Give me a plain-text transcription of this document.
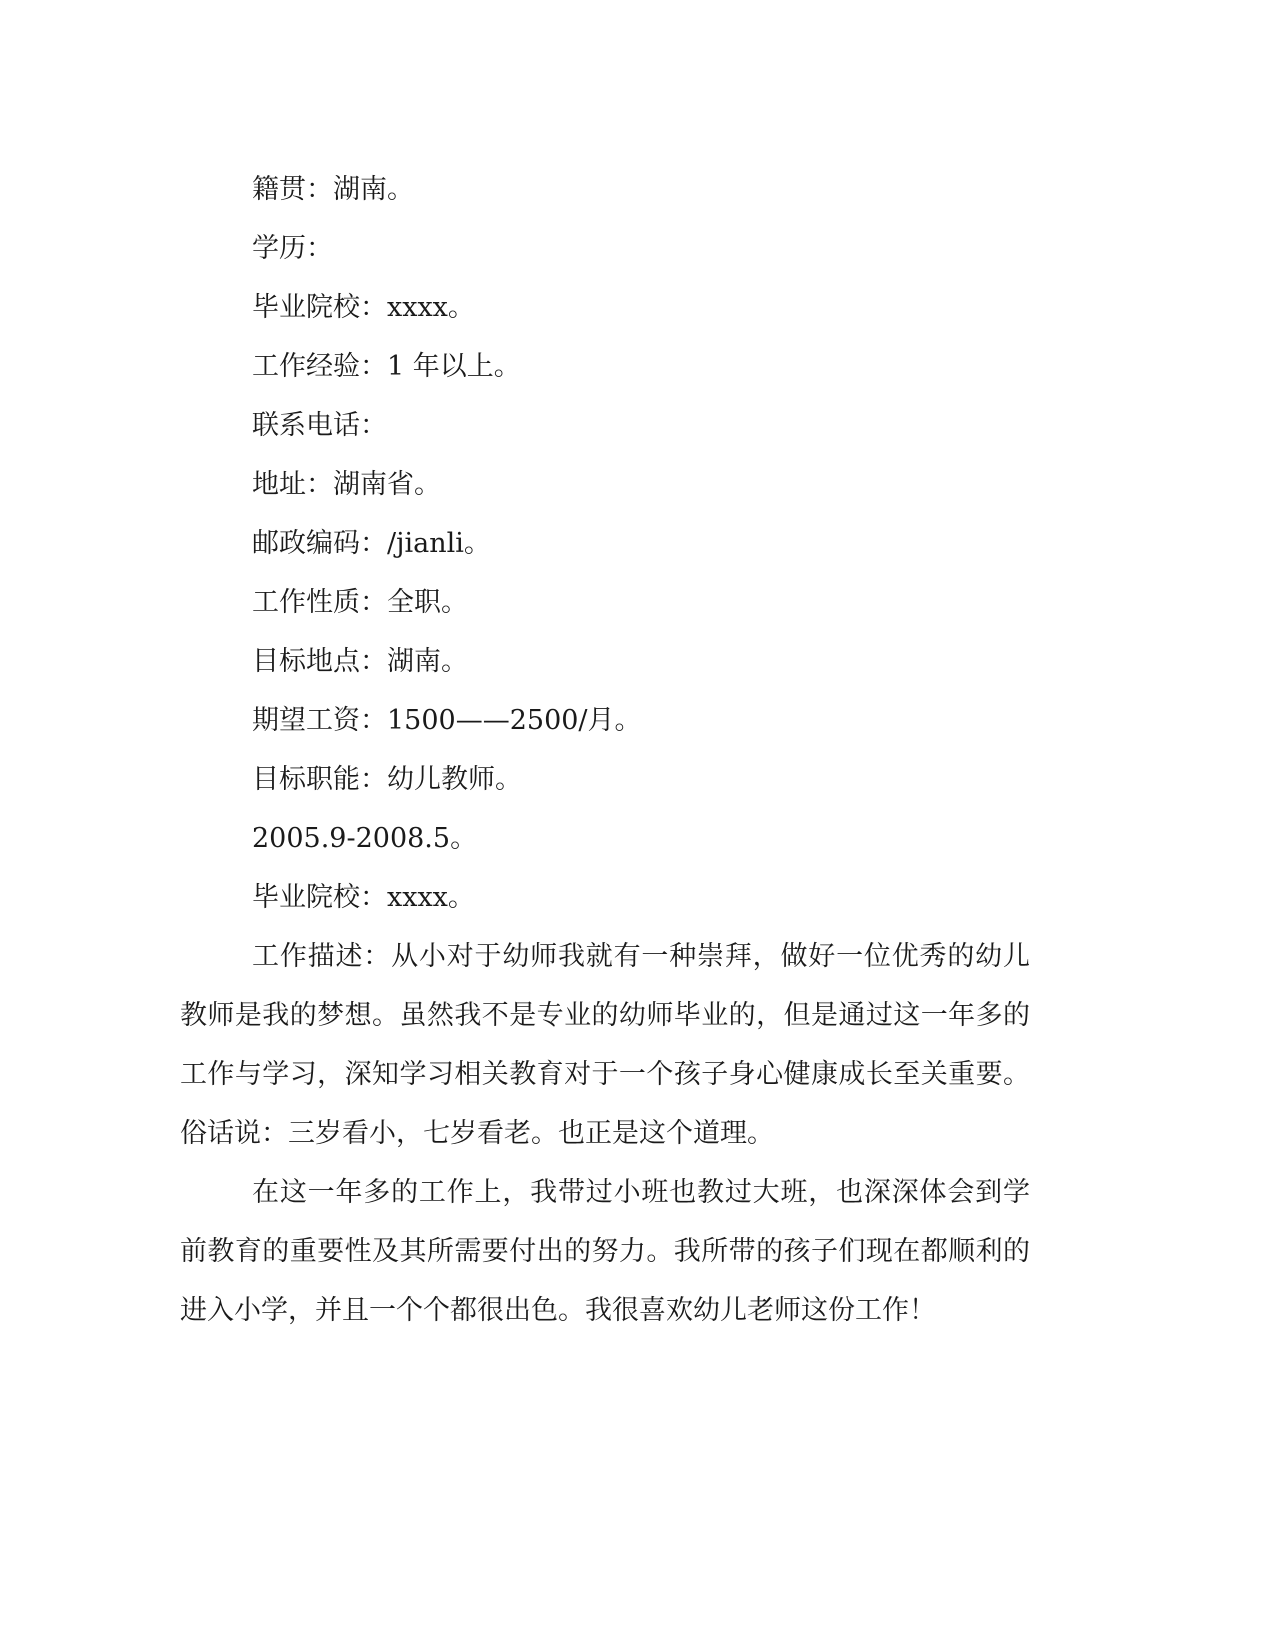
籍贯：湖南。
学历：
毕业院校：xxxx。
工作经验：1 年以上。
联系电话：
地址：湖南省。
邮政编码：/jianli。
工作性质：全职。
目标地点：湖南。
期望工资：1500——2500/月。
目标职能：幼儿教师。
2005.9-2008.5。
毕业院校：xxxx。

工作描述：从小对于幼师我就有一种崇拜，做好一位优秀的幼儿教师是我的梦想。虽然我不是专业的幼师毕业的，但是通过这一年多的工作与学习，深知学习相关教育对于一个孩子身心健康成长至关重要。俗话说：三岁看小，七岁看老。也正是这个道理。

在这一年多的工作上，我带过小班也教过大班，也深深体会到学前教育的重要性及其所需要付出的努力。我所带的孩子们现在都顺利的进入小学，并且一个个都很出色。我很喜欢幼儿老师这份工作！
